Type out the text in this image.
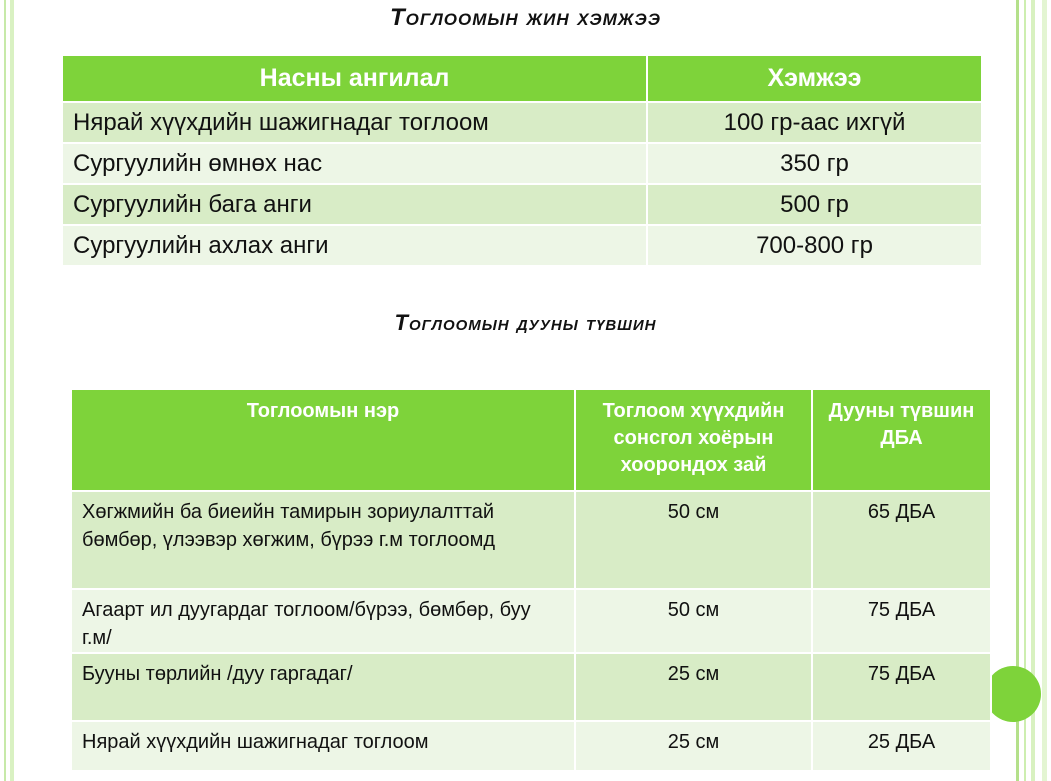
Тоглоомын жин хэмжээ
Насны ангилал	Хэмжээ
Нярай хүүхдийн шажигнадаг тоглоом	100 гр-аас ихгүй
Сургуулийн өмнөх нас	350 гр
Сургуулийн бага анги	500 гр
Сургуулийн ахлах анги	700-800 гр
Тоглоомын дууны түвшин
Тоглоомын нэр	Тоглоом хүүхдийн сонсгол хоёрын хоорондох зай	Дууны түвшин ДБА
Хөгжмийн ба биеийн тамирын зориулалттай бөмбөр, үлээвэр хөгжим, бүрээ г.м тоглоомд	50 см	65 ДБА
Агаарт ил дуугардаг тоглоом/бүрээ, бөмбөр, буу г.м/	50 см	75 ДБА
Бууны төрлийн /дуу гаргадаг/	25 см	75 ДБА
Нярай хүүхдийн шажигнадаг тоглоом	25 см	25 ДБА
